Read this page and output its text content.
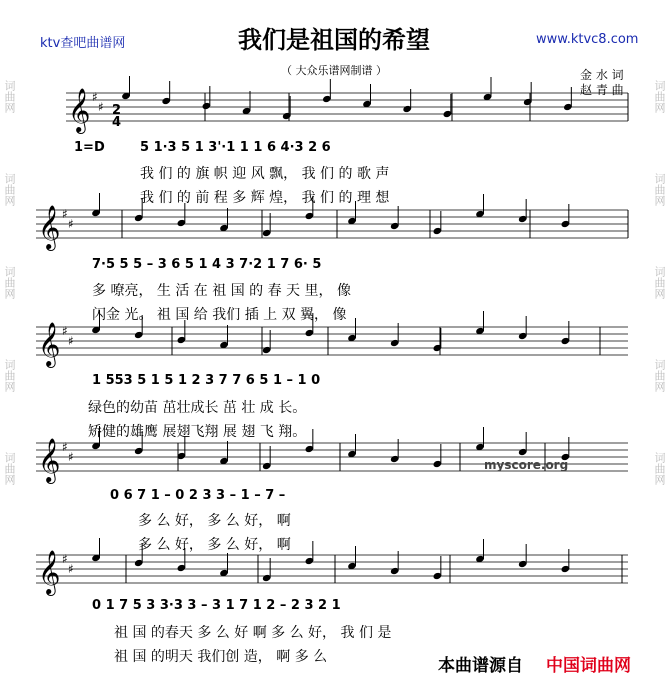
词曲网
词曲网
词曲网
词曲网
词曲网
词曲网
词曲网
词曲网
词曲网
词曲网
ktv查吧曲谱网	我们是祖国的希望	www.ktvc8.com
（ 大众乐谱网制谱 ）	金 水 词
赵 青 曲
1=D
𝄞 ♯
♯
𝄞 ♯
♯
𝄞 ♯
♯
𝄞 ♯
♯
𝄞 ♯
♯
2
4
5 1·3 5 1 3'·1 1 1 6 4·3 2 6
我 们 的 旗 帜 迎 风 飘， 我 们 的 歌 声
我 们 的 前 程 多 辉 煌， 我 们 的 理 想
7·5 5 5 – 3 6 5 1 4 3 7·2 1 7 6· 5
多 嘹亮， 生 活 在 祖 国 的 春 天 里， 像
闪金 光。 祖 国 给 我们 插 上 双 翼， 像
1 553 5 1 5 1 2 3 7 7 6 5 1 – 1 0
绿色的幼苗 茁壮成长 茁 壮 成 长。
矫健的雄鹰 展翅飞翔 展 翅 飞 翔。
0 6 7 1 – 0 2 3 3 – 1 – 7 –
多 么 好， 多 么 好， 啊
多 么 好， 多 么 好， 啊
0 1 7 5 3 3·3 3 – 3 1 7 1 2 – 2 3 2 1
祖 国 的春天 多 么 好 啊 多 么 好， 我 们 是
祖 国 的明天 我们创 造， 啊 多 么
myscore.org
本曲谱源自 中国词曲网
